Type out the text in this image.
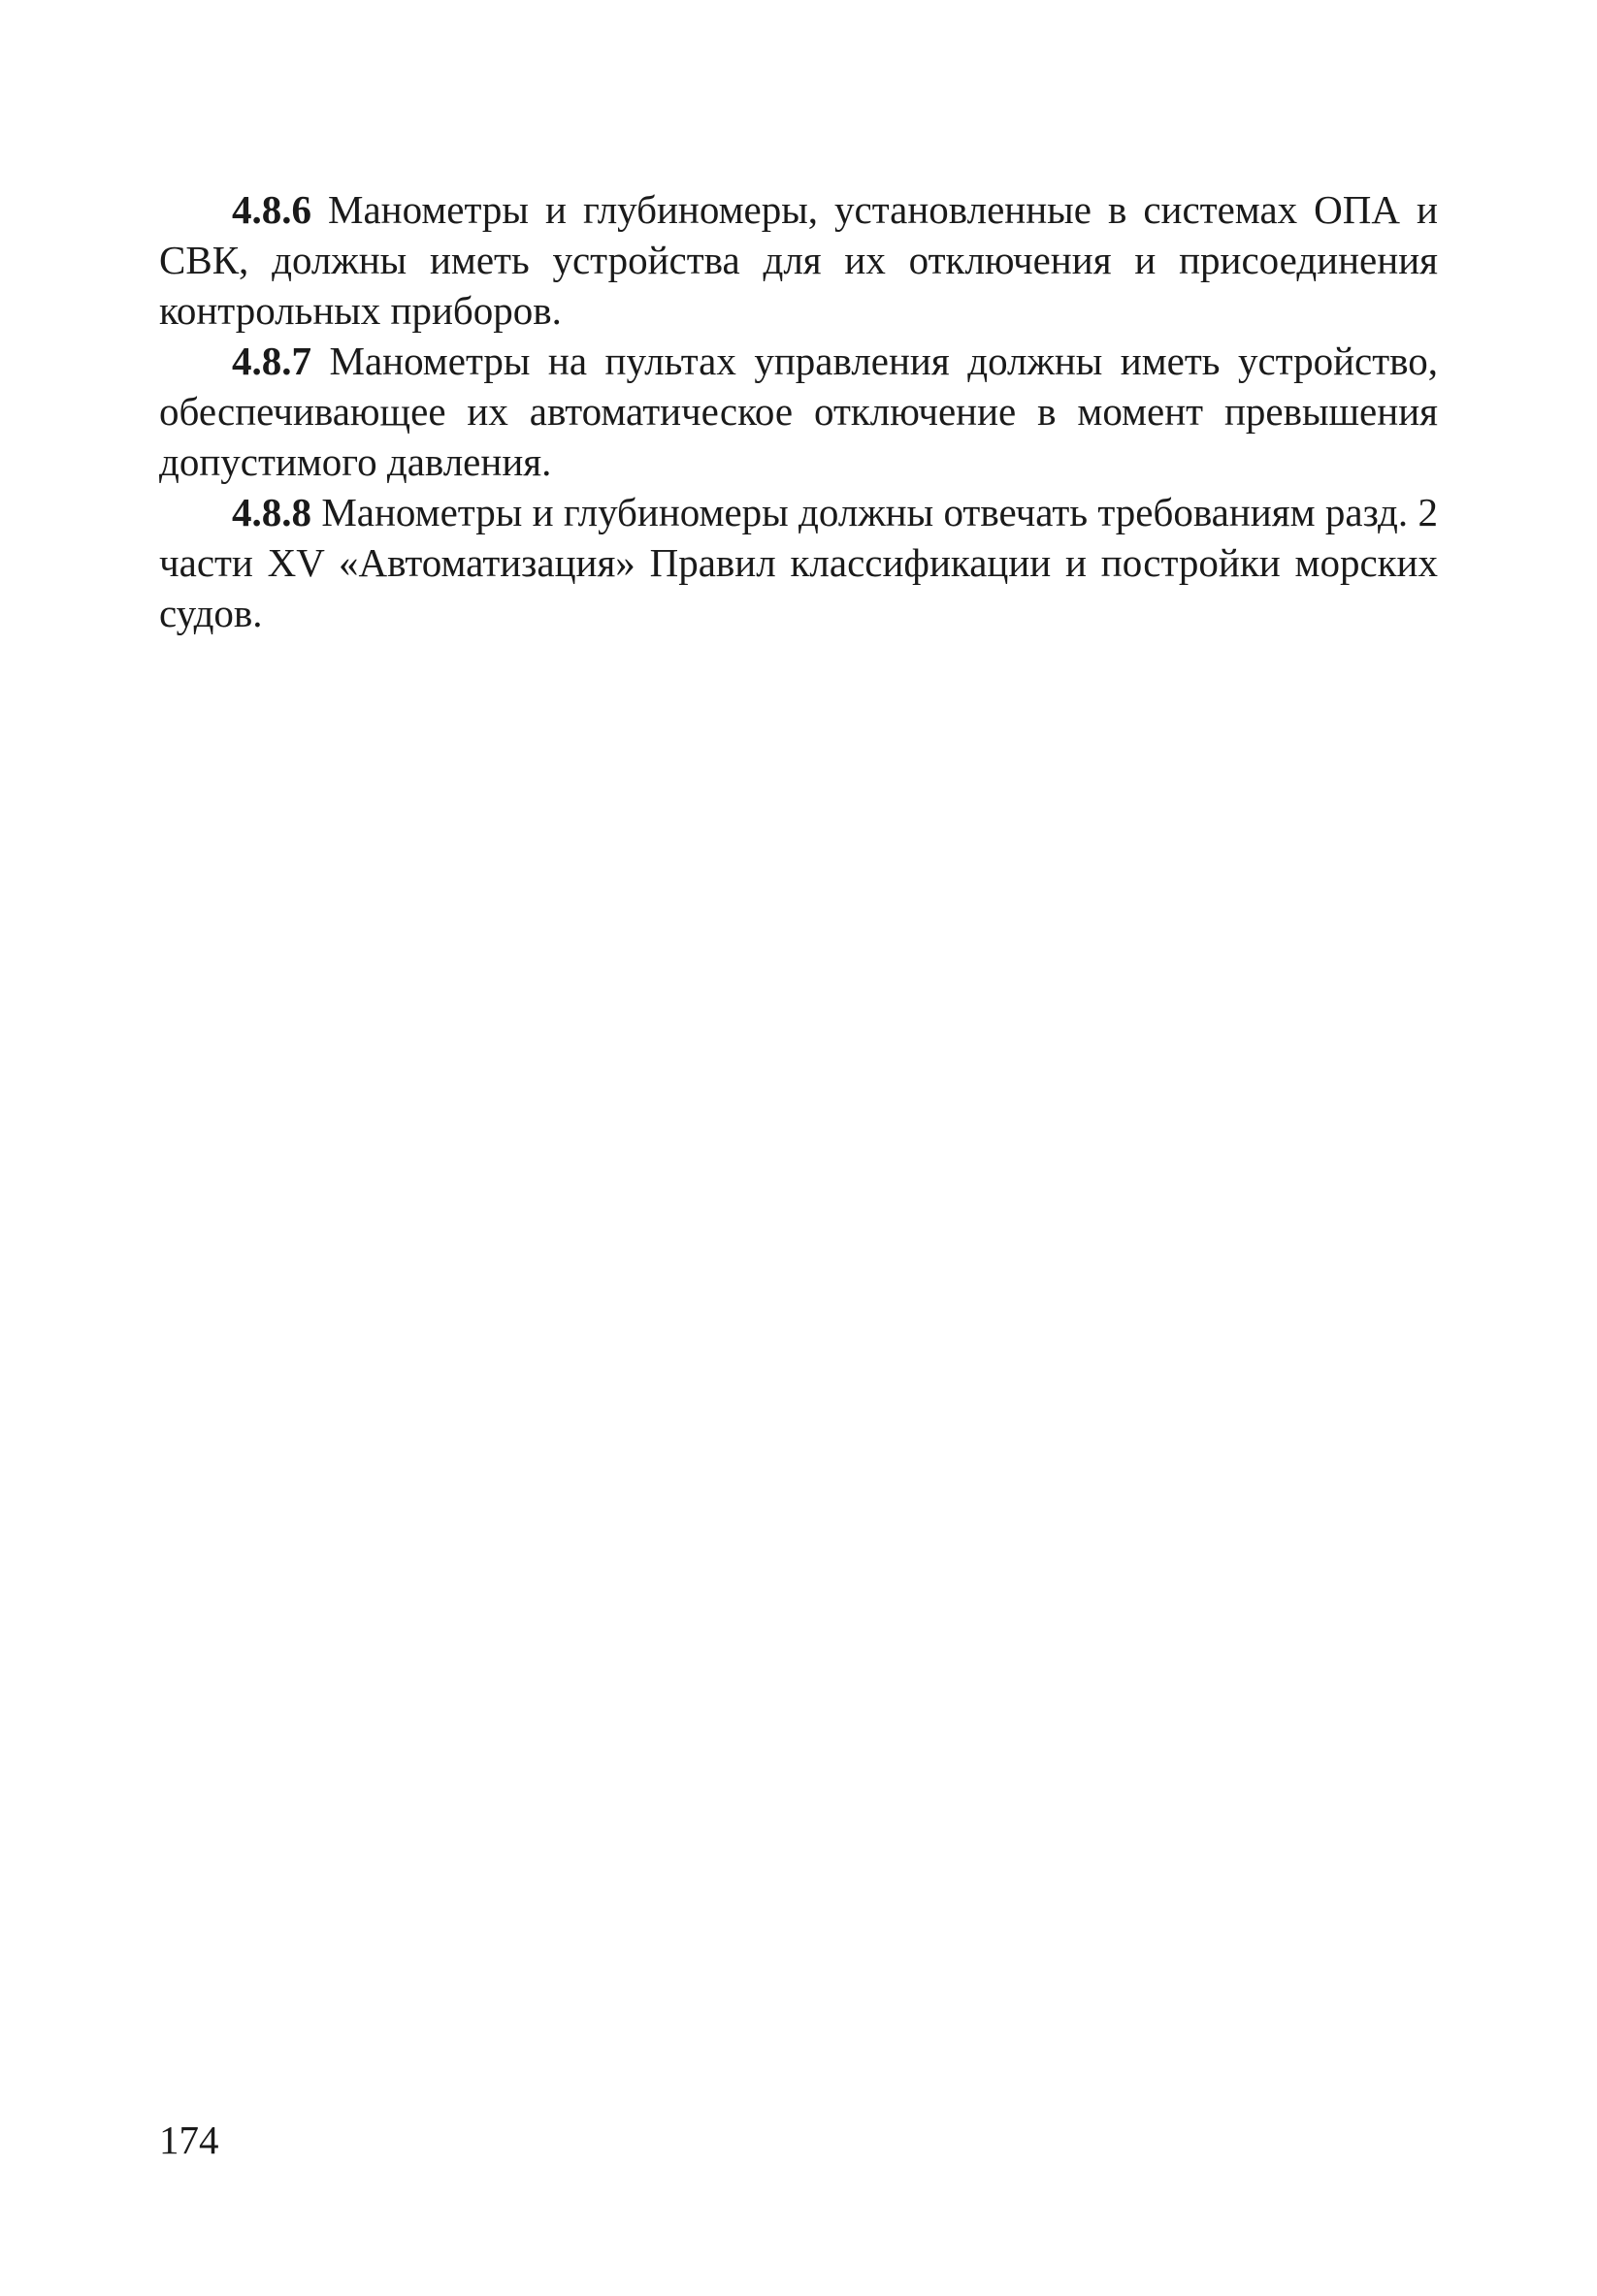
4.8.6 Манометры и глубиномеры, установленные в системах ОПА и СВК, должны иметь устройства для их отключения и присоединения контрольных приборов.

4.8.7 Манометры на пультах управления должны иметь устройство, обеспечивающее их автоматическое отключение в момент превышения допустимого давления.

4.8.8 Манометры и глубиномеры должны отвечать требованиям разд. 2 части XV «Автоматизация» Правил классификации и постройки морских судов.

174
